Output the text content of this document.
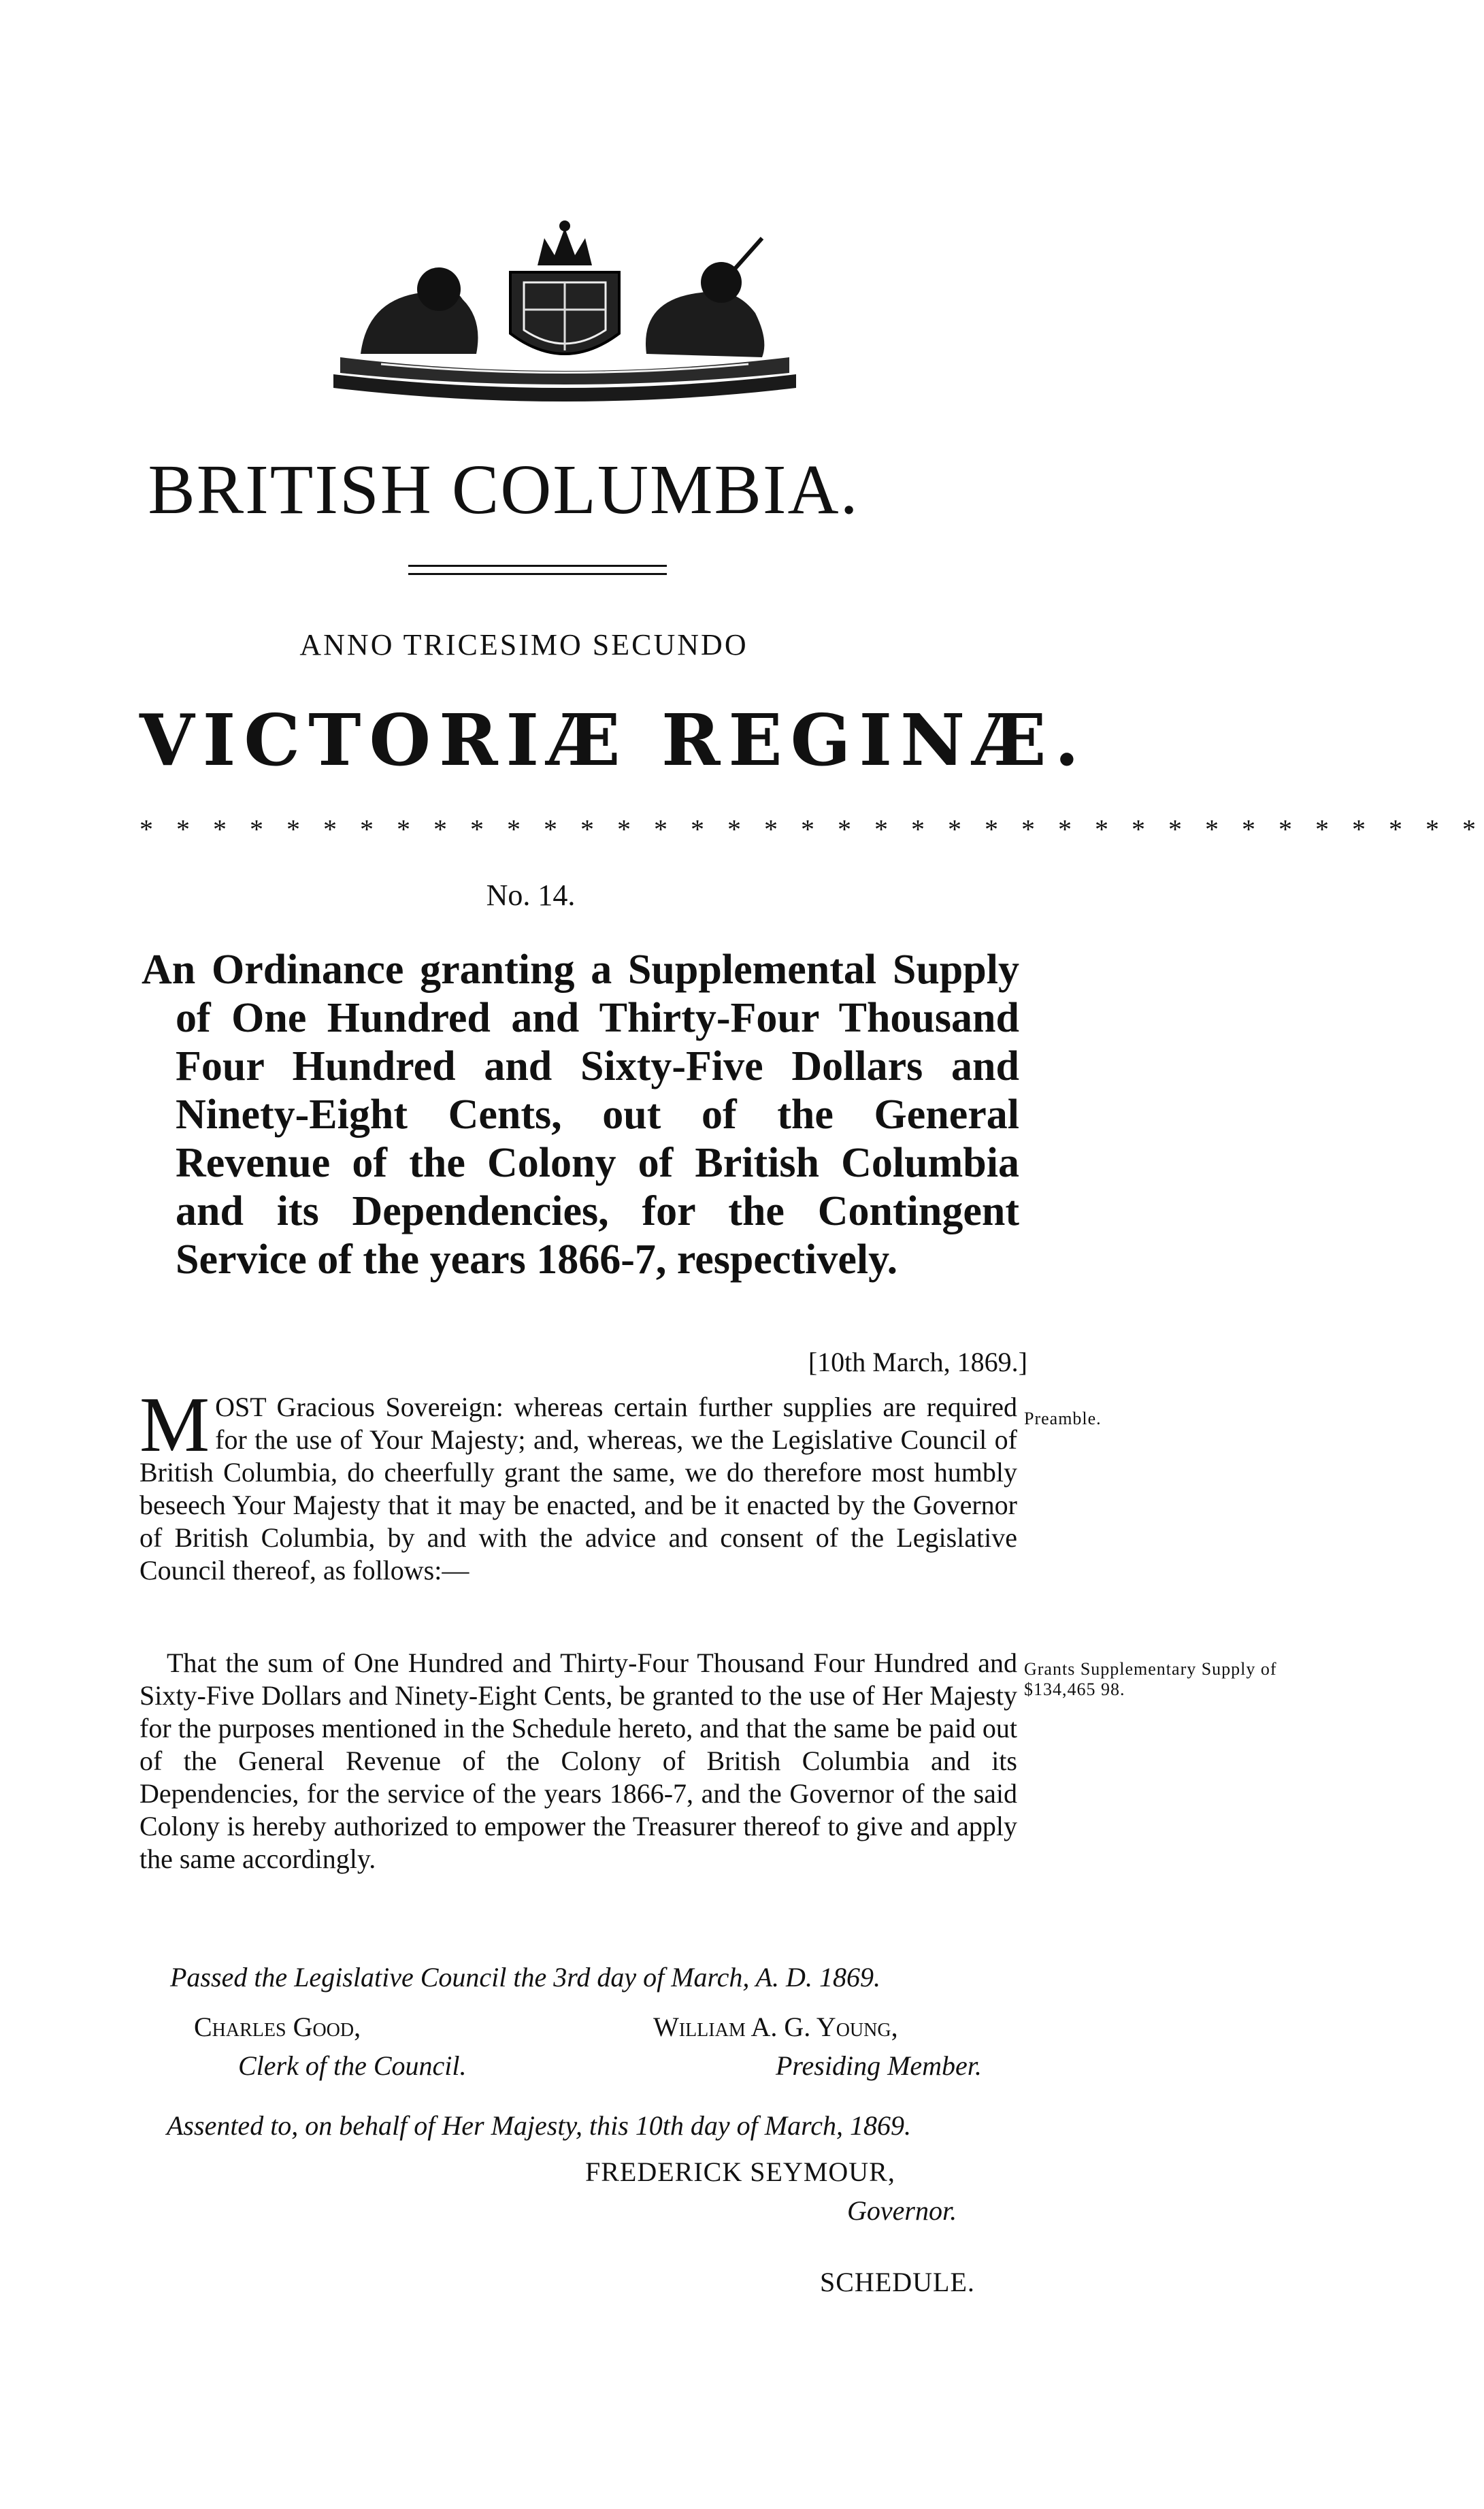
BRITISH COLUMBIA.
ANNO TRICESIMO SECUNDO
VICTORIÆ REGINÆ.
* * * * * * * * * * * * * * * * * * * * * * * * * * * * * * * * * * * * *
No. 14.
An Ordinance granting a Supplemental Supply of One Hundred and Thirty-Four Thousand Four Hundred and Sixty-Five Dollars and Ninety-Eight Cents, out of the General Revenue of the Colony of British Columbia and its Dependencies, for the Contingent Service of the years 1866-7, respectively.
[10th March, 1869.]
MOST Gracious Sovereign: whereas certain further supplies are required for the use of Your Majesty; and, whereas, we the Legislative Council of British Columbia, do cheerfully grant the same, we do therefore most humbly beseech Your Majesty that it may be enacted, and be it enacted by the Governor of British Columbia, by and with the advice and consent of the Legislative Council thereof, as follows:—
Preamble.
That the sum of One Hundred and Thirty-Four Thousand Four Hundred and Sixty-Five Dollars and Ninety-Eight Cents, be granted to the use of Her Majesty for the purposes mentioned in the Schedule hereto, and that the same be paid out of the General Revenue of the Colony of British Columbia and its Dependencies, for the service of the years 1866-7, and the Governor of the said Colony is hereby authorized to empower the Treasurer thereof to give and apply the same accordingly.
Grants Supplementary Supply of $134,465 98.
Passed the Legislative Council the 3rd day of March, A. D. 1869.
Charles Good,	William A. G. Young,
Clerk of the Council.	Presiding Member.
Assented to, on behalf of Her Majesty, this 10th day of March, 1869.
FREDERICK SEYMOUR,
Governor.
SCHEDULE.
